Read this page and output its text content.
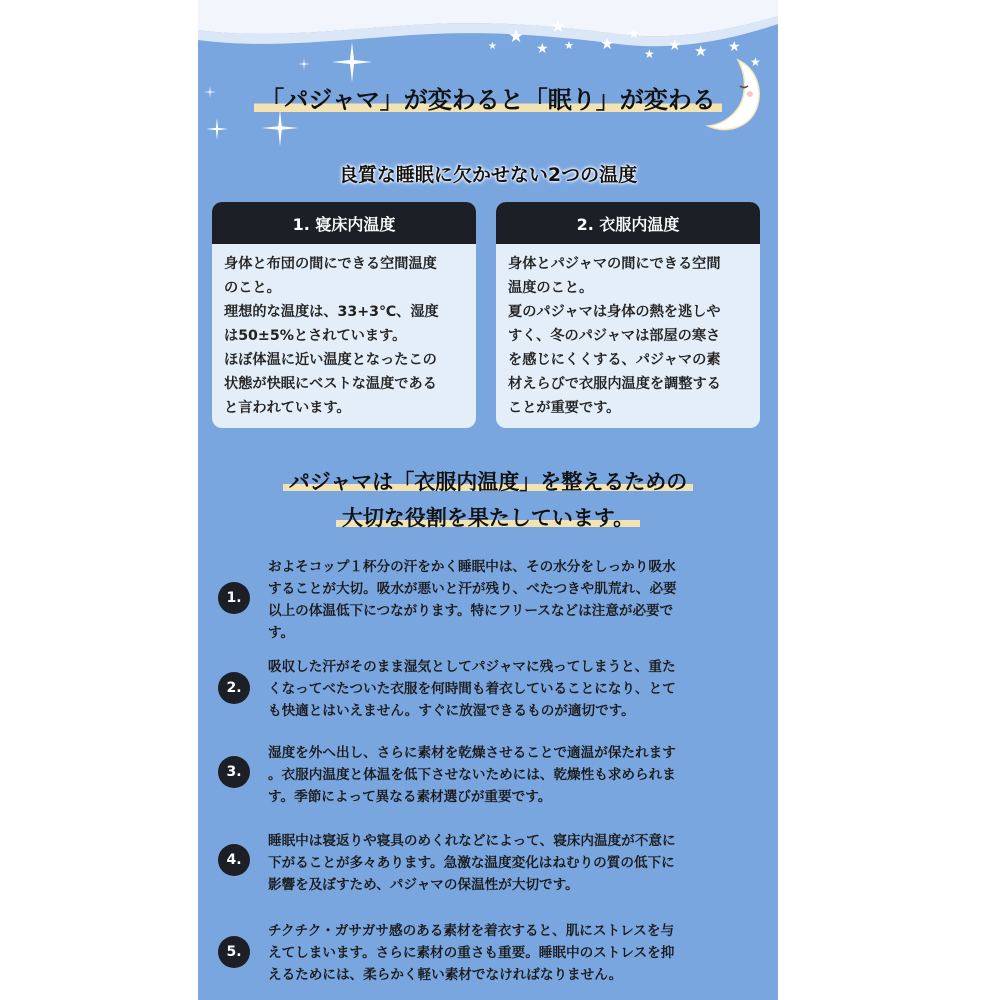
★
★
★
★ ★ ★
★ ★ ★ ★
★
★
「パジャマ」が変わると「眠り」が変わる
良質な睡眠に欠かせない2つの温度
1. 寝床内温度
身体と布団の間にできる空間温度
のこと。
理想的な温度は、33+3℃、湿度
は50±5%とされています。
ほぼ体温に近い温度となったこの
状態が快眠にベストな温度である
と言われています。
2. 衣服内温度
身体とパジャマの間にできる空間
温度のこと。
夏のパジャマは身体の熱を逃しや
すく、冬のパジャマは部屋の寒さ
を感じにくくする、パジャマの素
材えらびで衣服内温度を調整する
ことが重要です。
パジャマは「衣服内温度」を整えるための
大切な役割を果たしています。
1.
およそコップ１杯分の汗をかく睡眠中は、その水分をしっかり吸水
することが大切。吸水が悪いと汗が残り、べたつきや肌荒れ、必要
以上の体温低下につながります。特にフリースなどは注意が必要で
す。
2.
吸収した汗がそのまま湿気としてパジャマに残ってしまうと、重た
くなってべたついた衣服を何時間も着衣していることになり、とて
も快適とはいえません。すぐに放湿できるものが適切です。
3.
湿度を外へ出し、さらに素材を乾燥させることで適温が保たれます
。衣服内温度と体温を低下させないためには、乾燥性も求められま
す。季節によって異なる素材選びが重要です。
4.
睡眠中は寝返りや寝具のめくれなどによって、寝床内温度が不意に
下がることが多々あります。急激な温度変化はねむりの質の低下に
影響を及ぼすため、パジャマの保温性が大切です。
5.
チクチク・ガサガサ感のある素材を着衣すると、肌にストレスを与
えてしまいます。さらに素材の重さも重要。睡眠中のストレスを抑
えるためには、柔らかく軽い素材でなければなりません。
